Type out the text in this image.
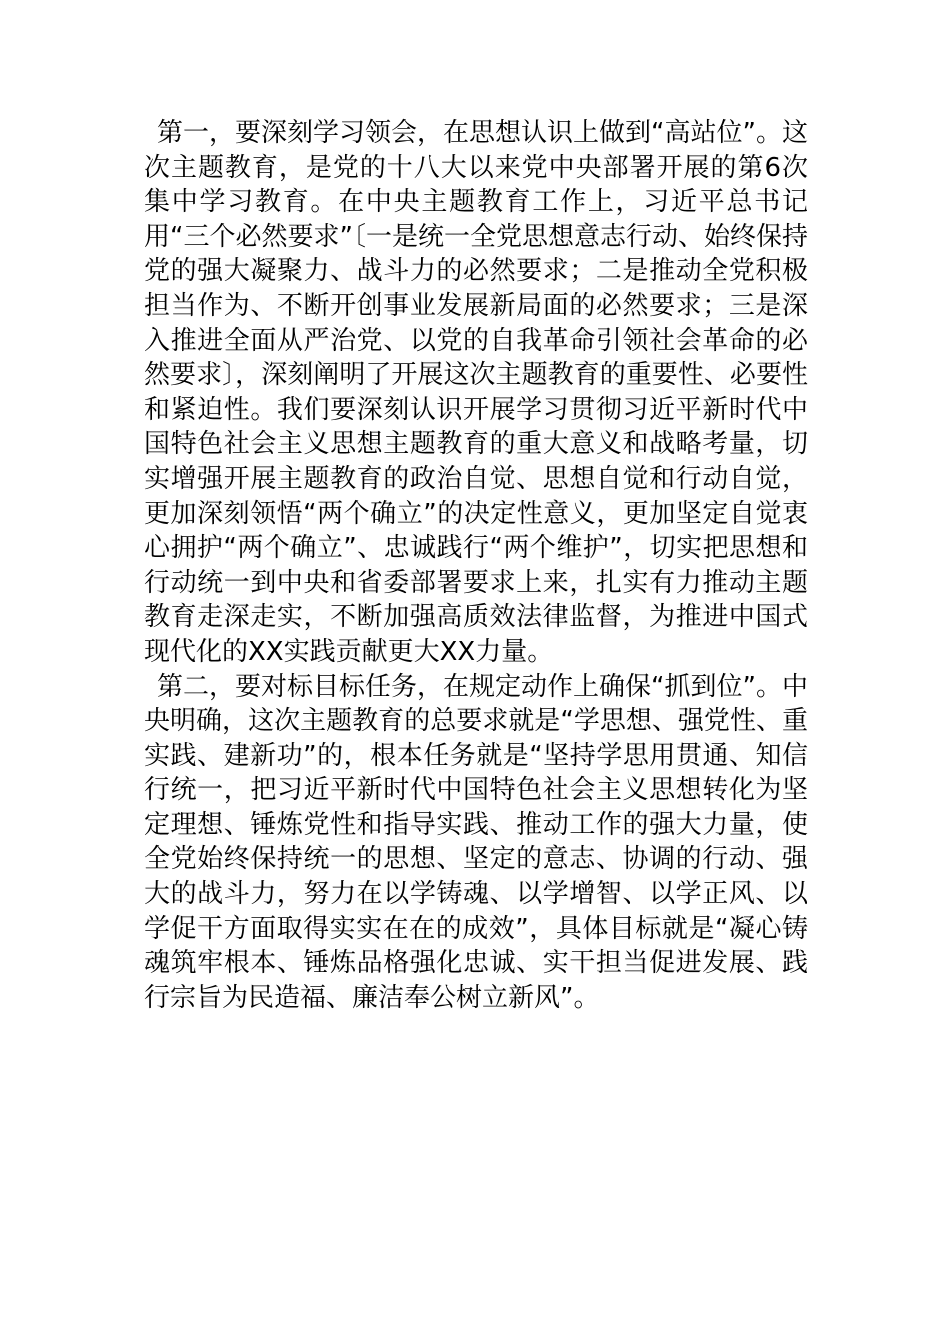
第一，要深刻学习领会，在思想认识上做到“高站位”。这次主题教育，是党的十八大以来党中央部署开展的第6次集中学习教育。在中央主题教育工作上，习近平总书记用“三个必然要求”〔一是统一全党思想意志行动、始终保持党的强大凝聚力、战斗力的必然要求；二是推动全党积极担当作为、不断开创事业发展新局面的必然要求；三是深入推进全面从严治党、以党的自我革命引领社会革命的必然要求〕，深刻阐明了开展这次主题教育的重要性、必要性和紧迫性。我们要深刻认识开展学习贯彻习近平新时代中国特色社会主义思想主题教育的重大意义和战略考量，切实增强开展主题教育的政治自觉、思想自觉和行动自觉，更加深刻领悟“两个确立”的决定性意义，更加坚定自觉衷心拥护“两个确立”、忠诚践行“两个维护”，切实把思想和行动统一到中央和省委部署要求上来，扎实有力推动主题教育走深走实，不断加强高质效法律监督，为推进中国式现代化的XX实践贡献更大XX力量。

第二，要对标目标任务，在规定动作上确保“抓到位”。中央明确，这次主题教育的总要求就是“学思想、强党性、重实践、建新功”的，根本任务就是“坚持学思用贯通、知信行统一，把习近平新时代中国特色社会主义思想转化为坚定理想、锤炼党性和指导实践、推动工作的强大力量，使全党始终保持统一的思想、坚定的意志、协调的行动、强大的战斗力，努力在以学铸魂、以学增智、以学正风、以学促干方面取得实实在在的成效”，具体目标就是“凝心铸魂筑牢根本、锤炼品格强化忠诚、实干担当促进发展、践行宗旨为民造福、廉洁奉公树立新风”。
